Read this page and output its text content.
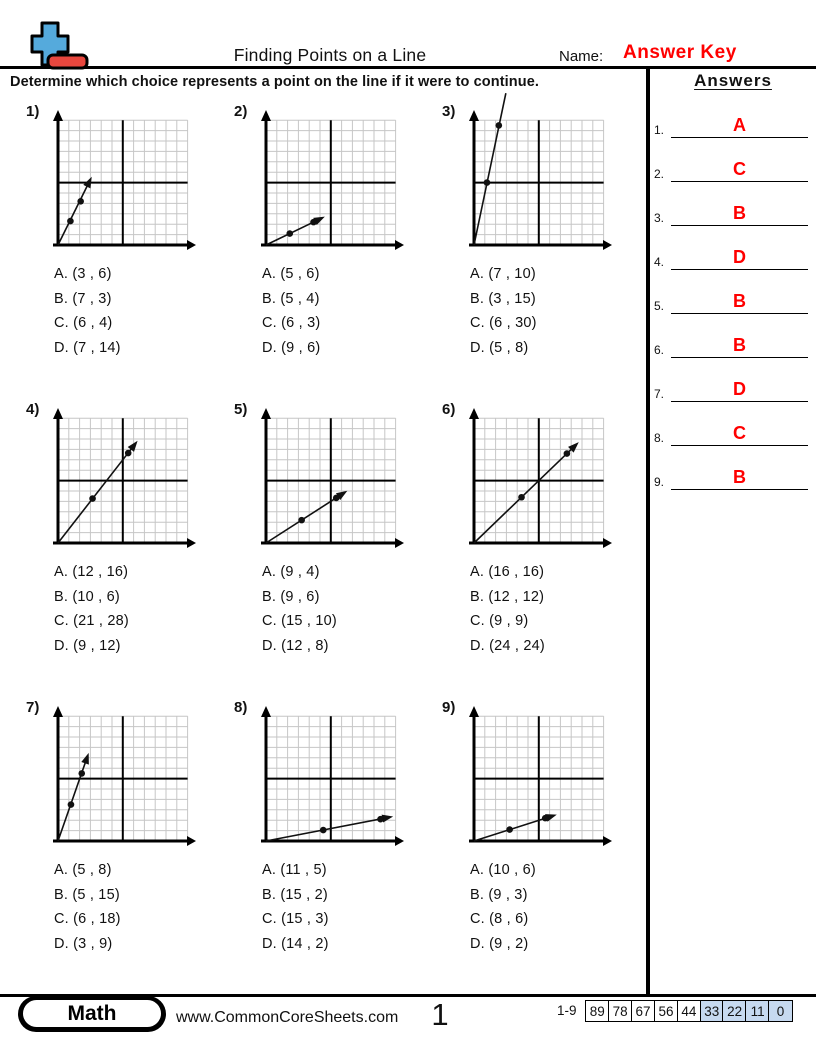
Finding Points on a Line	Name: Answer Key
Determine which choice represents a point on the line if it were to continue.	Answers
1.	A
2.	C
3.	B
4.	D
5.	B
6.	B
7.	D
8.	C
9.	B
1)
A. (3 , 6)
B. (7 , 3)
C. (6 , 4)
D. (7 , 14)
2)
A. (5 , 6)
B. (5 , 4)
C. (6 , 3)
D. (9 , 6)
3)
A. (7 , 10)
B. (3 , 15)
C. (6 , 30)
D. (5 , 8)
4)
A. (12 , 16)
B. (10 , 6)
C. (21 , 28)
D. (9 , 12)
5)
A. (9 , 4)
B. (9 , 6)
C. (15 , 10)
D. (12 , 8)
6)
A. (16 , 16)
B. (12 , 12)
C. (9 , 9)
D. (24 , 24)
7)
A. (5 , 8)
B. (5 , 15)
C. (6 , 18)
D. (3 , 9)
8)
A. (11 , 5)
B. (15 , 2)
C. (15 , 3)
D. (14 , 2)
9)
A. (10 , 6)
B. (9 , 3)
C. (8 , 6)
D. (9 , 2)
Math	www.CommonCoreSheets.com	1	1-9 89 78 67 56 44 33 22 11 0
